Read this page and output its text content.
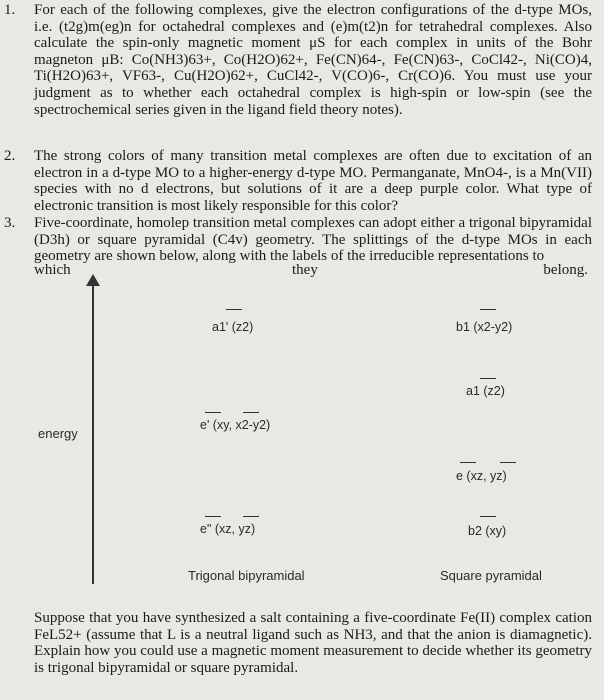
1. For each of the following complexes, give the electron configurations of the d-type MOs, i.e. (t2g)m(eg)n for octahedral complexes and (e)m(t2)n for tetrahedral complexes. Also calculate the spin-only magnetic moment μS for each complex in units of the Bohr magneton μB: Co(NH3)63+, Co(H2O)62+, Fe(CN)64-, Fe(CN)63-, CoCl42-, Ni(CO)4, Ti(H2O)63+, VF63-, Cu(H2O)62+, CuCl42-, V(CO)6-, Cr(CO)6. You must use your judgment as to whether each octahedral complex is high-spin or low-spin (see the spectrochemical series given in the ligand field theory notes).
2. The strong colors of many transition metal complexes are often due to excitation of an electron in a d-type MO to a higher-energy d-type MO. Permanganate, MnO4-, is a Mn(VII) species with no d electrons, but solutions of it are a deep purple color. What type of electronic transition is most likely responsible for this color?
3. Five-coordinate, homolep transition metal complexes can adopt either a trigonal bipyramidal (D3h) or square pyramidal (C4v) geometry. The splittings of the d-type MOs in each geometry are shown below, along with the labels of the irreducible representations to
which	they	belong.
energy
a1' (z2)
e' (xy, x2-y2)
e" (xz, yz)
Trigonal bipyramidal
b1 (x2-y2)
a1 (z2)
e (xz, yz)
b2 (xy)
Square pyramidal
Suppose that you have synthesized a salt containing a five-coordinate Fe(II) complex cation FeL52+ (assume that L is a neutral ligand such as NH3, and that the anion is diamagnetic). Explain how you could use a magnetic moment measurement to decide whether its geometry is trigonal bipyramidal or square pyramidal.
